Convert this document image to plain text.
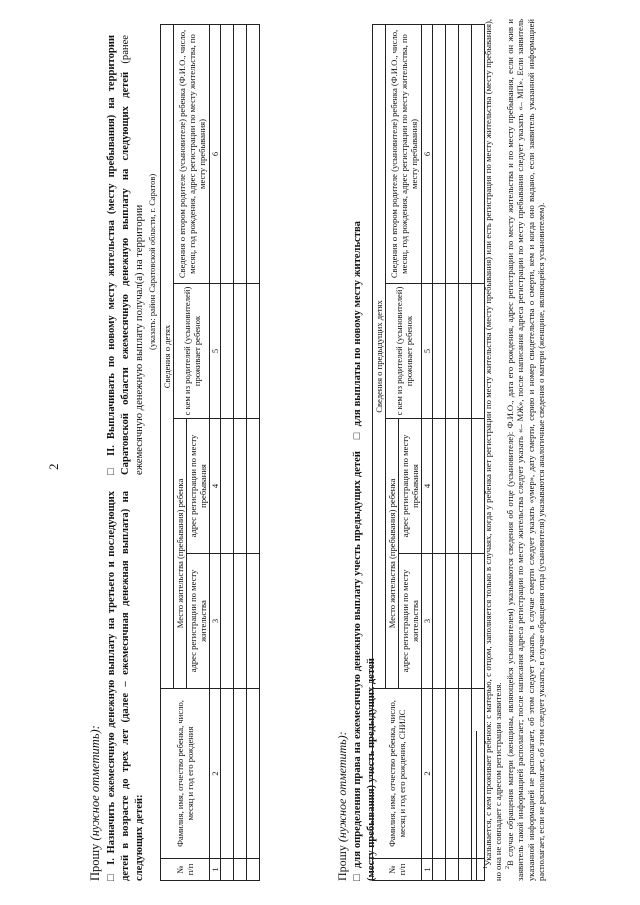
2
Прошу (нужное отметить):
□ I. Назначить ежемесячную денежную выплату на третьего и последующих детей в возрасте до трех лет (далее – ежемесячная денежная выплата) на следующих детей:
□ II. Выплачивать по новому месту жительства (месту пребывания) на территории Саратовской области ежемесячную денежную выплату на следующих детей (ранее ежемесячную денежную выплату получал(а) на территории (указать: район Саратовской области, г. Саратов)
№ п/п	Фамилия, имя, отчество ребенка, число, месяц и год его рождения	Сведения о детях			
		Место жительства (пребывания) ребенка		с кем из родителей (усыновителей) проживает ребенок	Сведения о втором родителе (усыновителе) ребенка (Ф.И.О., число, месяц, год рождения, адрес регистрации по месту жительства, по месту пребывания)
		адрес регистрации по месту жительства	адрес регистрации по месту пребывания		
1	2	3	4	5	6

Прошу (нужное отметить):
□ для определения права на ежемесячную денежную выплату учесть предыдущих детей    □ для выплаты по новому месту жительства (месту пребывания) учесть предыдущих детей № п/п	Фамилия, имя, отчество ребенка, число, месяц и год его рождения, СНИЛС	Сведения о предыдущих детях			
		Место жительства (пребывания) ребенка		с кем из родителей (усыновителей) проживает ребенок	Сведения о втором родителе (усыновителе) ребенка (Ф.И.О., число, месяц, год рождения, адрес регистрации по месту жительства, по месту пребывания)
		адрес регистрации по месту жительства	адрес регистрации по месту пребывания		
1	2	3	4	5	6

$^1$Указывается, с кем проживает ребенок: с матерью, с отцом, заполняется только в случаях, когда у ребенка нет регистрации по месту жительства (месту пребывания) или есть регистрация по месту жительства (месту пребывания), но она не совпадает с адресом регистрации заявителя. $^2$В случае обращения матери (женщины, являющейся усыновителем) указываются сведения об отце (усыновителе): Ф.И.О., дата его рождения, адрес регистрации по месту жительства и по месту пребывания, если он жив и заявитель такой информацией располагает; после написания адреса регистрации по месту жительства следует указать «– МЖ», после написания адреса регистрации по месту пребывания следует указать «– МП». Если заявитель указанной информацией не располагает, об этом следует указать, в случае смерти следует указать «умер», дату смерти, серию и номер свидетельства о смерти, кем и когда оно выдано, если заявитель указанной информацией располагает, если не располагает, об этом следует указать; в случае обращения отца (усыновителя) указываются аналогичные сведения о матери (женщине, являющейся усыновителем).
